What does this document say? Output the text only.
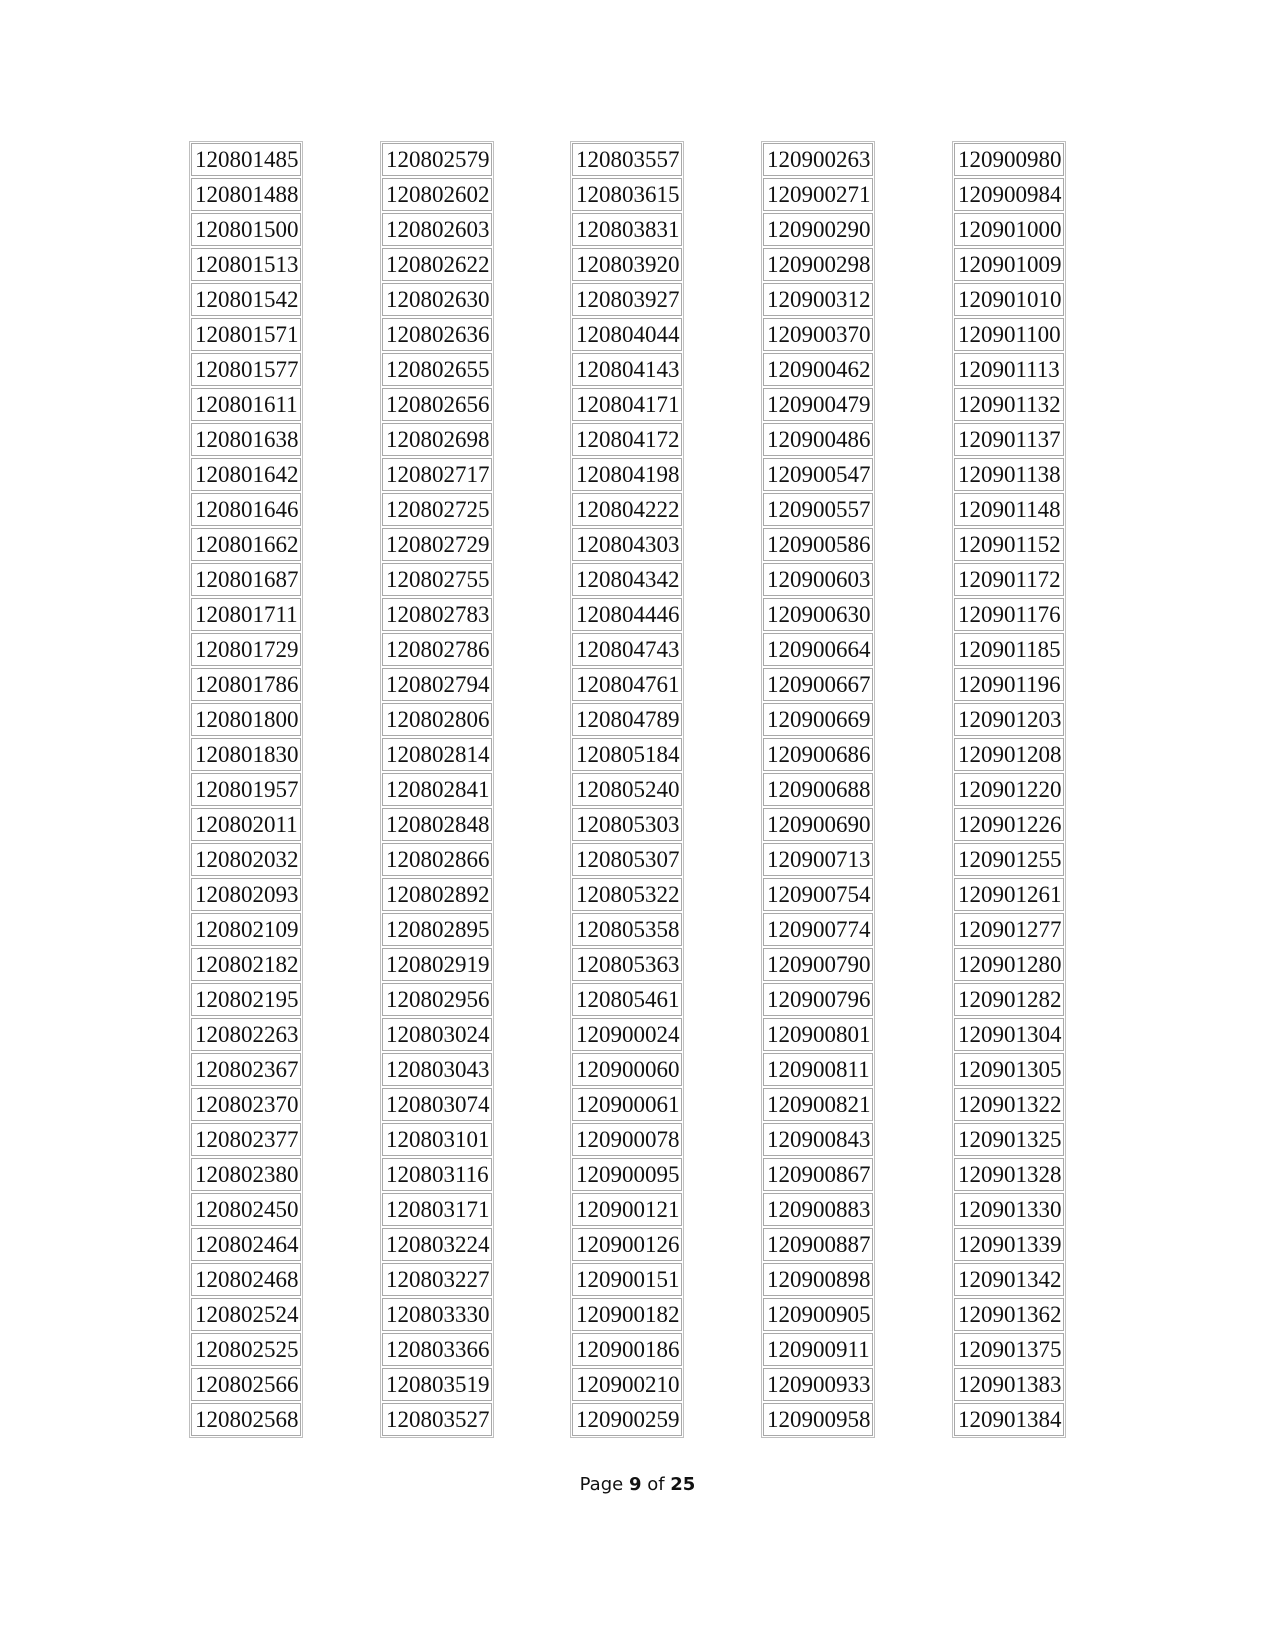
120801485
120801488
120801500
120801513
120801542
120801571
120801577
120801611
120801638
120801642
120801646
120801662
120801687
120801711
120801729
120801786
120801800
120801830
120801957
120802011
120802032
120802093
120802109
120802182
120802195
120802263
120802367
120802370
120802377
120802380
120802450
120802464
120802468
120802524
120802525
120802566
120802568
120802579
120802602
120802603
120802622
120802630
120802636
120802655
120802656
120802698
120802717
120802725
120802729
120802755
120802783
120802786
120802794
120802806
120802814
120802841
120802848
120802866
120802892
120802895
120802919
120802956
120803024
120803043
120803074
120803101
120803116
120803171
120803224
120803227
120803330
120803366
120803519
120803527
120803557
120803615
120803831
120803920
120803927
120804044
120804143
120804171
120804172
120804198
120804222
120804303
120804342
120804446
120804743
120804761
120804789
120805184
120805240
120805303
120805307
120805322
120805358
120805363
120805461
120900024
120900060
120900061
120900078
120900095
120900121
120900126
120900151
120900182
120900186
120900210
120900259
120900263
120900271
120900290
120900298
120900312
120900370
120900462
120900479
120900486
120900547
120900557
120900586
120900603
120900630
120900664
120900667
120900669
120900686
120900688
120900690
120900713
120900754
120900774
120900790
120900796
120900801
120900811
120900821
120900843
120900867
120900883
120900887
120900898
120900905
120900911
120900933
120900958
120900980
120900984
120901000
120901009
120901010
120901100
120901113
120901132
120901137
120901138
120901148
120901152
120901172
120901176
120901185
120901196
120901203
120901208
120901220
120901226
120901255
120901261
120901277
120901280
120901282
120901304
120901305
120901322
120901325
120901328
120901330
120901339
120901342
120901362
120901375
120901383
120901384
Page 9 of 25
